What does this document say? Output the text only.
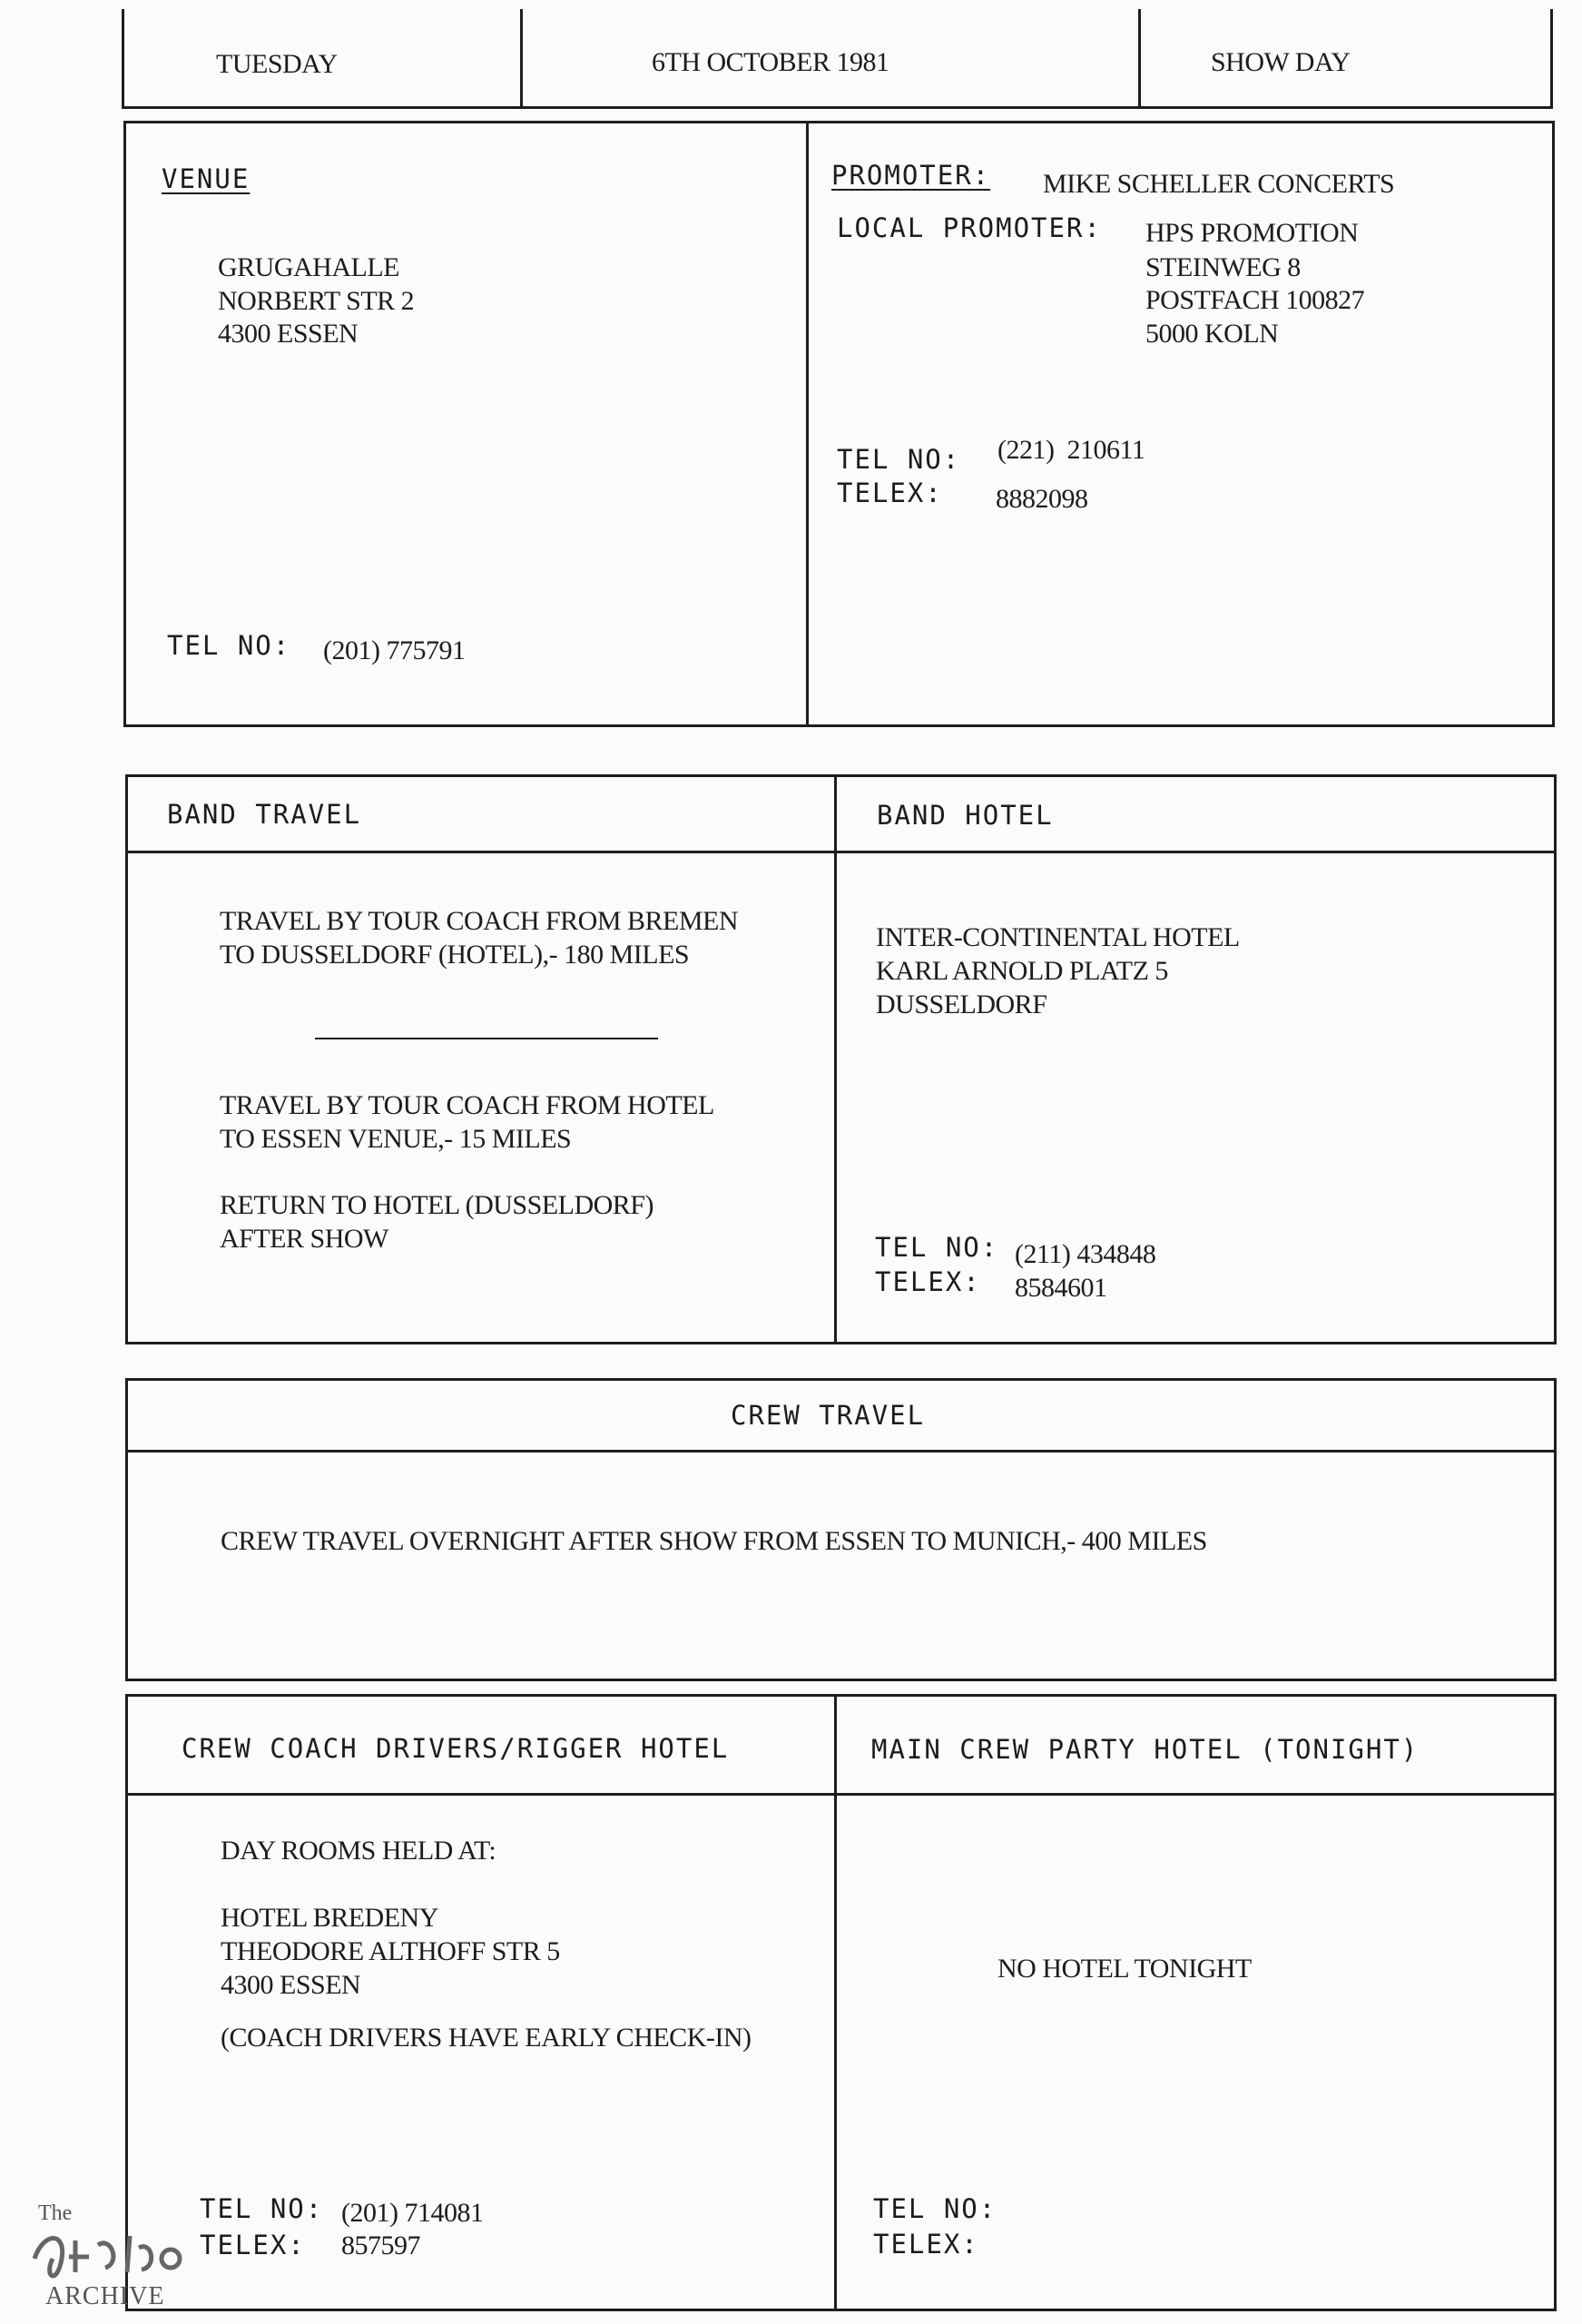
TUESDAY	6TH OCTOBER 1981	SHOW DAY
VENUE
GRUGAHALLE
NORBERT STR 2
4300 ESSEN
TEL NO: (201) 775791
PROMOTER: MIKE SCHELLER CONCERTS
LOCAL PROMOTER: HPS PROMOTION
STEINWEG 8
POSTFACH 100827
5000 KOLN
TEL NO: (221)  210611
TELEX: 8882098
BAND TRAVEL
TRAVEL BY TOUR COACH FROM BREMEN
TO DUSSELDORF (HOTEL),- 180 MILES
TRAVEL BY TOUR COACH FROM HOTEL
TO ESSEN VENUE,- 15 MILES
RETURN TO HOTEL (DUSSELDORF)
AFTER SHOW
BAND HOTEL
INTER-CONTINENTAL HOTEL
KARL ARNOLD PLATZ 5
DUSSELDORF
TEL NO: (211) 434848
TELEX: 8584601
CREW TRAVEL
CREW TRAVEL OVERNIGHT AFTER SHOW FROM ESSEN TO MUNICH,- 400 MILES
CREW COACH DRIVERS/RIGGER HOTEL
DAY ROOMS HELD AT:
HOTEL BREDENY
THEODORE ALTHOFF STR 5
4300 ESSEN
(COACH DRIVERS HAVE EARLY CHECK-IN)
TEL NO: (201) 714081
TELEX: 857597
MAIN CREW PARTY HOTEL (TONIGHT)
NO HOTEL TONIGHT
TEL NO:
TELEX:
The
ARCHIVE
